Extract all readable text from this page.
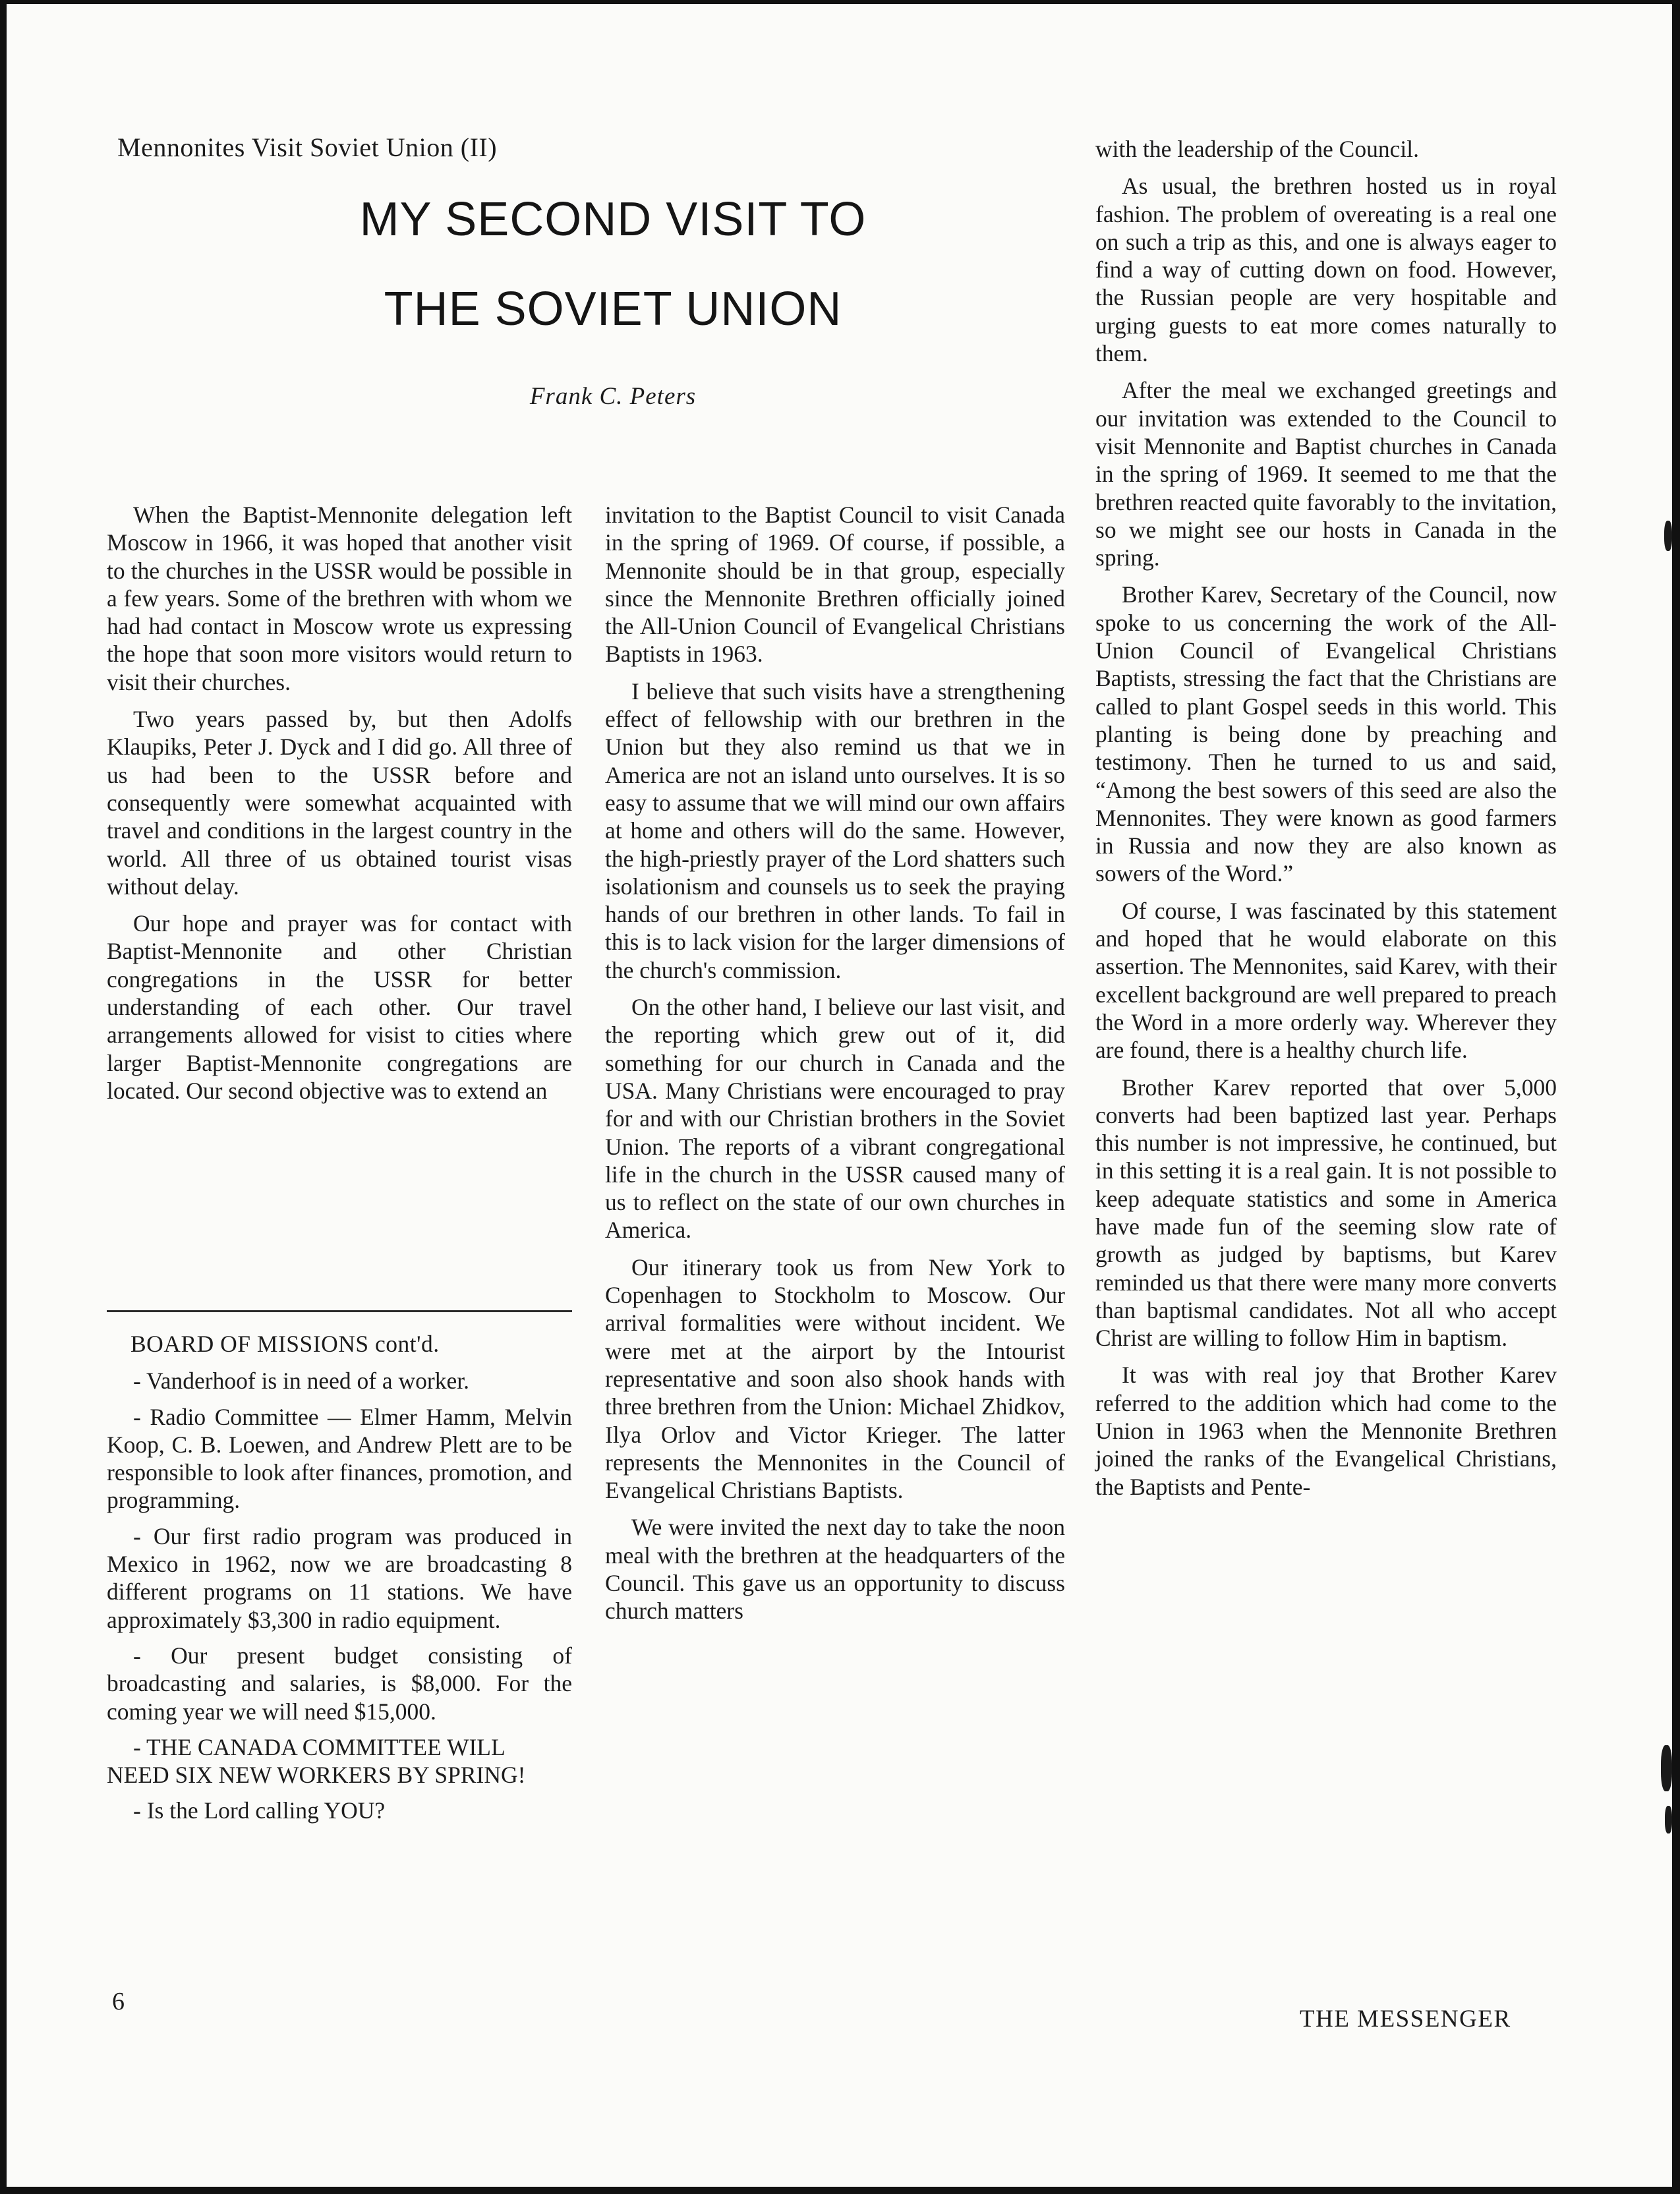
Mennonites Visit Soviet Union (II)
MY SECOND VISIT TO
THE SOVIET UNION
Frank C. Peters

When the Baptist-Mennonite delegation left Moscow in 1966, it was hoped that another visit to the churches in the USSR would be possible in a few years. Some of the brethren with whom we had had contact in Moscow wrote us expressing the hope that soon more visitors would return to visit their churches.

Two years passed by, but then Adolfs Klaupiks, Peter J. Dyck and I did go. All three of us had been to the USSR before and consequently were somewhat acquainted with travel and conditions in the largest country in the world. All three of us obtained tourist visas without delay.

Our hope and prayer was for contact with Baptist-Mennonite and other Christian congregations in the USSR for better understanding of each other. Our travel arrangements allowed for visist to cities where larger Baptist-Mennonite congregations are located. Our second objective was to extend an

BOARD OF MISSIONS cont'd.

- Vanderhoof is in need of a worker.

- Radio Committee — Elmer Hamm, Melvin Koop, C. B. Loewen, and Andrew Plett are to be responsible to look after finances, promotion, and programming.

- Our first radio program was produced in Mexico in 1962, now we are broadcasting 8 different programs on 11 stations. We have approximately $3,300 in radio equipment.

- Our present budget consisting of broadcasting and salaries, is $8,000. For the coming year we will need $15,000.

- THE CANADA COMMITTEE WILL NEED SIX NEW WORKERS BY SPRING!

- Is the Lord calling YOU?

invitation to the Baptist Council to visit Canada in the spring of 1969. Of course, if possible, a Mennonite should be in that group, especially since the Mennonite Brethren officially joined the All-Union Council of Evangelical Christians Baptists in 1963.

I believe that such visits have a strengthening effect of fellowship with our brethren in the Union but they also remind us that we in America are not an island unto ourselves. It is so easy to assume that we will mind our own affairs at home and others will do the same. However, the high-priestly prayer of the Lord shatters such isolationism and counsels us to seek the praying hands of our brethren in other lands. To fail in this is to lack vision for the larger dimensions of the church's commission.

On the other hand, I believe our last visit, and the reporting which grew out of it, did something for our church in Canada and the USA. Many Christians were encouraged to pray for and with our Christian brothers in the Soviet Union. The reports of a vibrant congregational life in the church in the USSR caused many of us to reflect on the state of our own churches in America.

Our itinerary took us from New York to Copenhagen to Stockholm to Moscow. Our arrival formalities were without incident. We were met at the airport by the Intourist representative and soon also shook hands with three brethren from the Union: Michael Zhidkov, Ilya Orlov and Victor Krieger. The latter represents the Mennonites in the Council of Evangelical Christians Baptists.

We were invited the next day to take the noon meal with the brethren at the headquarters of the Council. This gave us an opportunity to discuss church matters

with the leadership of the Council.

As usual, the brethren hosted us in royal fashion. The problem of overeating is a real one on such a trip as this, and one is always eager to find a way of cutting down on food. However, the Russian people are very hospitable and urging guests to eat more comes naturally to them.

After the meal we exchanged greetings and our invitation was extended to the Council to visit Mennonite and Baptist churches in Canada in the spring of 1969. It seemed to me that the brethren reacted quite favorably to the invitation, so we might see our hosts in Canada in the spring.

Brother Karev, Secretary of the Council, now spoke to us concerning the work of the All-Union Council of Evangelical Christians Baptists, stressing the fact that the Christians are called to plant Gospel seeds in this world. This planting is being done by preaching and testimony. Then he turned to us and said, “Among the best sowers of this seed are also the Mennonites. They were known as good farmers in Russia and now they are also known as sowers of the Word.”

Of course, I was fascinated by this statement and hoped that he would elaborate on this assertion. The Mennonites, said Karev, with their excellent background are well prepared to preach the Word in a more orderly way. Wherever they are found, there is a healthy church life.

Brother Karev reported that over 5,000 converts had been baptized last year. Perhaps this number is not impressive, he continued, but in this setting it is a real gain. It is not possible to keep adequate statistics and some in America have made fun of the seeming slow rate of growth as judged by baptisms, but Karev reminded us that there were many more converts than baptismal candidates. Not all who accept Christ are willing to follow Him in baptism.

It was with real joy that Brother Karev referred to the addition which had come to the Union in 1963 when the Mennonite Brethren joined the ranks of the Evangelical Christians, the Baptists and Pente-

6
THE MESSENGER
